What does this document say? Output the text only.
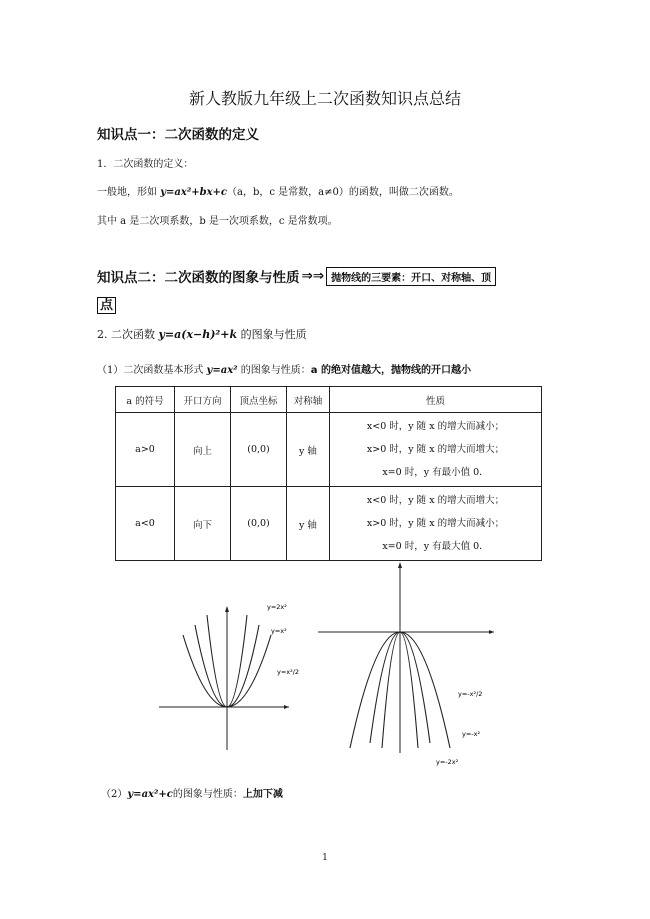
新人教版九年级上二次函数知识点总结
知识点一：二次函数的定义
1．二次函数的定义：
一般地，形如 y=ax²+bx+c（a，b，c 是常数，a≠0）的函数，叫做二次函数。
其中 a 是二次项系数，b 是一次项系数，c 是常数项。
知识点二：二次函数的图象与性质 ⇒⇒ 抛物线的三要素：开口、对称轴、顶
点
2. 二次函数 y=a(x−h)²+k 的图象与性质
（1）二次函数基本形式 y=ax² 的图象与性质：a 的绝对值越大，抛物线的开口越小
a 的符号	开口方向	顶点坐标	对称轴	性质
a>0	向上	(0,0)	y 轴	x<0 时，y 随 x 的增大而减小；
x>0 时，y 随 x 的增大而增大；
x=0 时，y 有最小值 0．

a<0	向下	(0,0)	y 轴	x<0 时，y 随 x 的增大而增大；
x>0 时，y 随 x 的增大而减小；
x=0 时，y 有最大值 0．
y=2x²
y=x²
y=x²/2
y=-x²/2
y=-x²
y=-2x²
（2）y=ax²+c的图象与性质：上加下减
1
